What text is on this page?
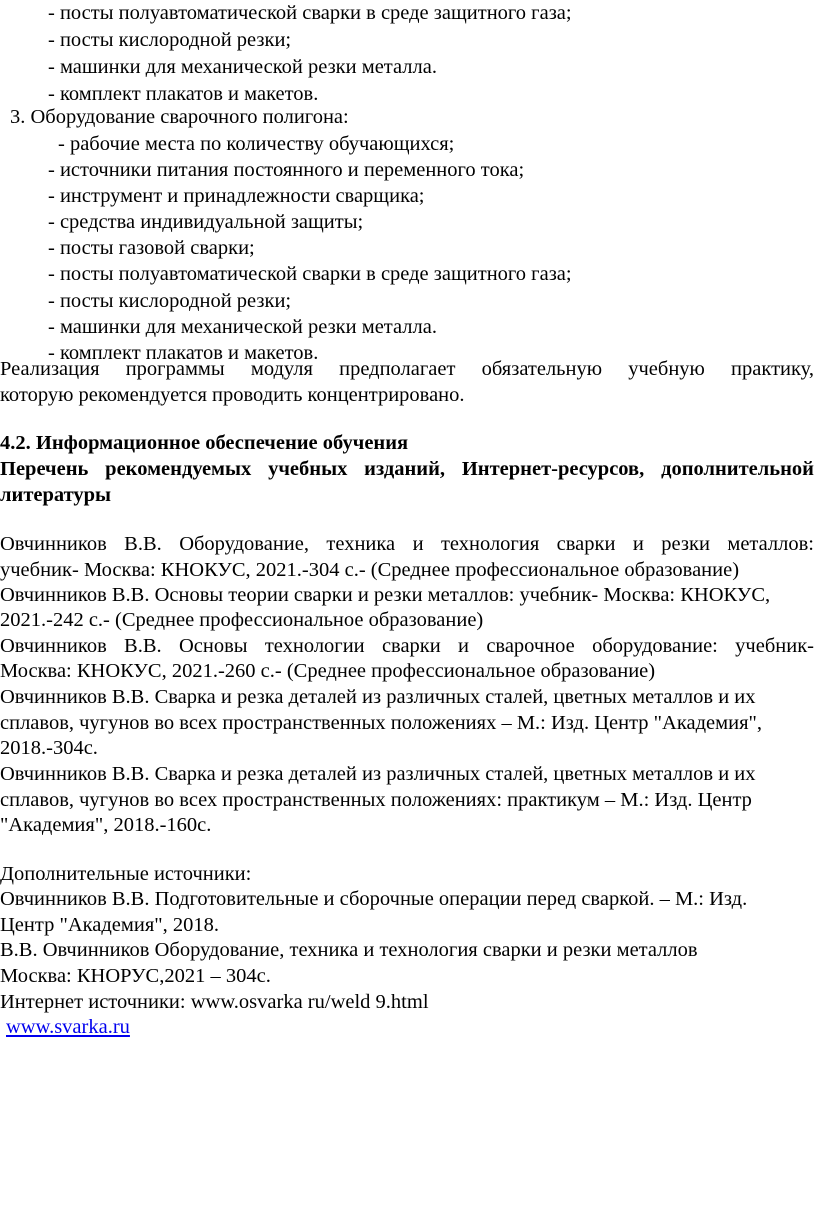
- посты полуавтоматической сварки в среде защитного газа;
- посты кислородной резки;
- машинки для механической резки металла.
- комплект плакатов и макетов.
3. Оборудование сварочного полигона:
- рабочие места по количеству обучающихся;
- источники питания постоянного и переменного тока;
- инструмент и принадлежности сварщика;
- средства индивидуальной защиты;
- посты газовой сварки;
- посты полуавтоматической сварки в среде защитного газа;
- посты кислородной резки;
- машинки для механической резки металла.
- комплект плакатов и макетов.
Реализация программы модуля предполагает обязательную учебную практику,
которую рекомендуется проводить концентрировано.
4.2. Информационное обеспечение обучения
Перечень рекомендуемых учебных изданий, Интернет-ресурсов, дополнительной
литературы
Овчинников В.В. Оборудование, техника и технология сварки и резки металлов:
учебник- Москва: КНОКУС, 2021.-304 с.- (Среднее профессиональное образование)
Овчинников В.В. Основы теории сварки и резки металлов: учебник- Москва: КНОКУС,
2021.-242 с.- (Среднее профессиональное образование)
Овчинников В.В. Основы технологии сварки и сварочное оборудование: учебник-
Москва: КНОКУС, 2021.-260 с.- (Среднее профессиональное образование)
Овчинников В.В. Сварка и резка деталей из различных сталей, цветных металлов и их
сплавов, чугунов во всех пространственных положениях – М.: Изд. Центр "Академия",
2018.-304с.
Овчинников В.В. Сварка и резка деталей из различных сталей, цветных металлов и их
сплавов, чугунов во всех пространственных положениях: практикум – М.: Изд. Центр
"Академия", 2018.-160с.
Дополнительные источники:
Овчинников В.В. Подготовительные и сборочные операции перед сваркой. – М.: Изд.
Центр "Академия", 2018.
В.В. Овчинников Оборудование, техника и технология сварки и резки металлов
Москва: КНОРУС,2021 – 304с.
Интернет источники: www.osvarka ru/weld 9.html
www.svarka.ru
